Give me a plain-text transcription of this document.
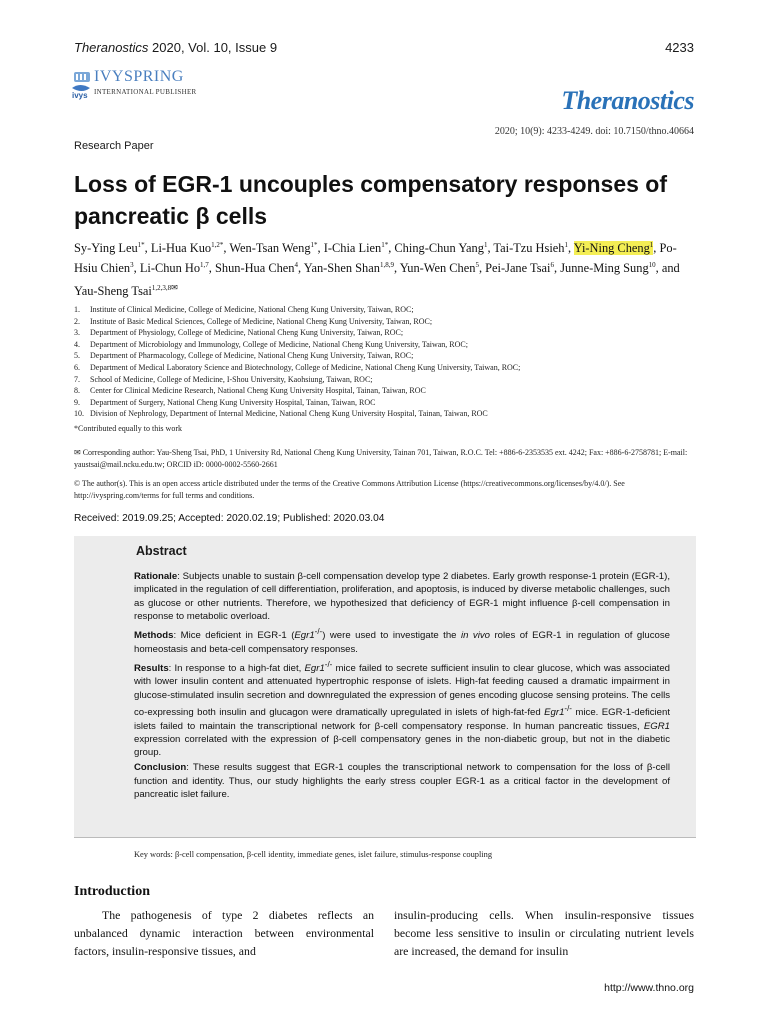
Theranostics 2020, Vol. 10, Issue 9	4233
ivys
IVYSPRING
INTERNATIONAL PUBLISHER	Theranostics
2020; 10(9): 4233-4249. doi: 10.7150/thno.40664
Research Paper
Loss of EGR-1 uncouples compensatory responses of pancreatic β cells
Sy-Ying Leu$^{1*}$, Li-Hua Kuo$^{1,2*}$, Wen-Tsan Weng$^{1*}$, I-Chia Lien$^{1*}$, Ching-Chun Yang$^1$, Tai-Tzu Hsieh$^1$, Yi-Ning Cheng$^1$, Po-Hsiu Chien$^3$, Li-Chun Ho$^{1,7}$, Shun-Hua Chen$^4$, Yan-Shen Shan$^{1,8,9}$, Yun-Wen Chen$^5$, Pei-Jane Tsai$^6$, Junne-Ming Sung$^{10}$, and Yau-Sheng Tsai$^{1,2,3,8✉}$
1.	Institute of Clinical Medicine, College of Medicine, National Cheng Kung University, Taiwan, ROC;
2.	Institute of Basic Medical Sciences, College of Medicine, National Cheng Kung University, Taiwan, ROC;
3.	Department of Physiology, College of Medicine, National Cheng Kung University, Taiwan, ROC;
4.	Department of Microbiology and Immunology, College of Medicine, National Cheng Kung University, Taiwan, ROC;
5.	Department of Pharmacology, College of Medicine, National Cheng Kung University, Taiwan, ROC;
6.	Department of Medical Laboratory Science and Biotechnology, College of Medicine, National Cheng Kung University, Taiwan, ROC;
7.	School of Medicine, College of Medicine, I-Shou University, Kaohsiung, Taiwan, ROC;
8.	Center for Clinical Medicine Research, National Cheng Kung University Hospital, Tainan, Taiwan, ROC
9.	Department of Surgery, National Cheng Kung University Hospital, Tainan, Taiwan, ROC
10. Division of Nephrology, Department of Internal Medicine, National Cheng Kung University Hospital, Tainan, Taiwan, ROC
*Contributed equally to this work
✉ Corresponding author: Yau-Sheng Tsai, PhD, 1 University Rd, National Cheng Kung University, Tainan 701, Taiwan, R.O.C. Tel: +886-6-2353535 ext. 4242; Fax: +886-6-2758781; E-mail: yaustsai@mail.ncku.edu.tw; ORCID iD: 0000-0002-5560-2661
© The author(s). This is an open access article distributed under the terms of the Creative Commons Attribution License (https://creativecommons.org/licenses/by/4.0/). See http://ivyspring.com/terms for full terms and conditions.
Received: 2019.09.25; Accepted: 2020.02.19; Published: 2020.03.04
Abstract

Rationale: Subjects unable to sustain β-cell compensation develop type 2 diabetes. Early growth response-1 protein (EGR-1), implicated in the regulation of cell differentiation, proliferation, and apoptosis, is induced by diverse metabolic challenges, such as glucose or other nutrients. Therefore, we hypothesized that deficiency of EGR-1 might influence β-cell compensation in response to metabolic overload.

Methods: Mice deficient in EGR-1 (Egr1-/-) were used to investigate the in vivo roles of EGR-1 in regulation of glucose homeostasis and beta-cell compensatory responses.

Results: In response to a high-fat diet, Egr1-/- mice failed to secrete sufficient insulin to clear glucose, which was associated with lower insulin content and attenuated hypertrophic response of islets. High-fat feeding caused a dramatic impairment in glucose-stimulated insulin secretion and downregulated the expression of genes encoding glucose sensing proteins. The cells co-expressing both insulin and glucagon were dramatically upregulated in islets of high-fat-fed Egr1-/- mice. EGR-1-deficient islets failed to maintain the transcriptional network for β-cell compensatory response. In human pancreatic tissues, EGR1 expression correlated with the expression of β-cell compensatory genes in the non-diabetic group, but not in the diabetic group.

Conclusion: These results suggest that EGR-1 couples the transcriptional network to compensation for the loss of β-cell function and identity. Thus, our study highlights the early stress coupler EGR-1 as a critical factor in the development of pancreatic islet failure.

Key words: β-cell compensation, β-cell identity, immediate genes, islet failure, stimulus-response coupling
Introduction

The pathogenesis of type 2 diabetes reflects an unbalanced dynamic interaction between environmental factors, insulin-responsive tissues, and

insulin-producing cells. When insulin-responsive tissues become less sensitive to insulin or circulating nutrient levels are increased, the demand for insulin

http://www.thno.org
